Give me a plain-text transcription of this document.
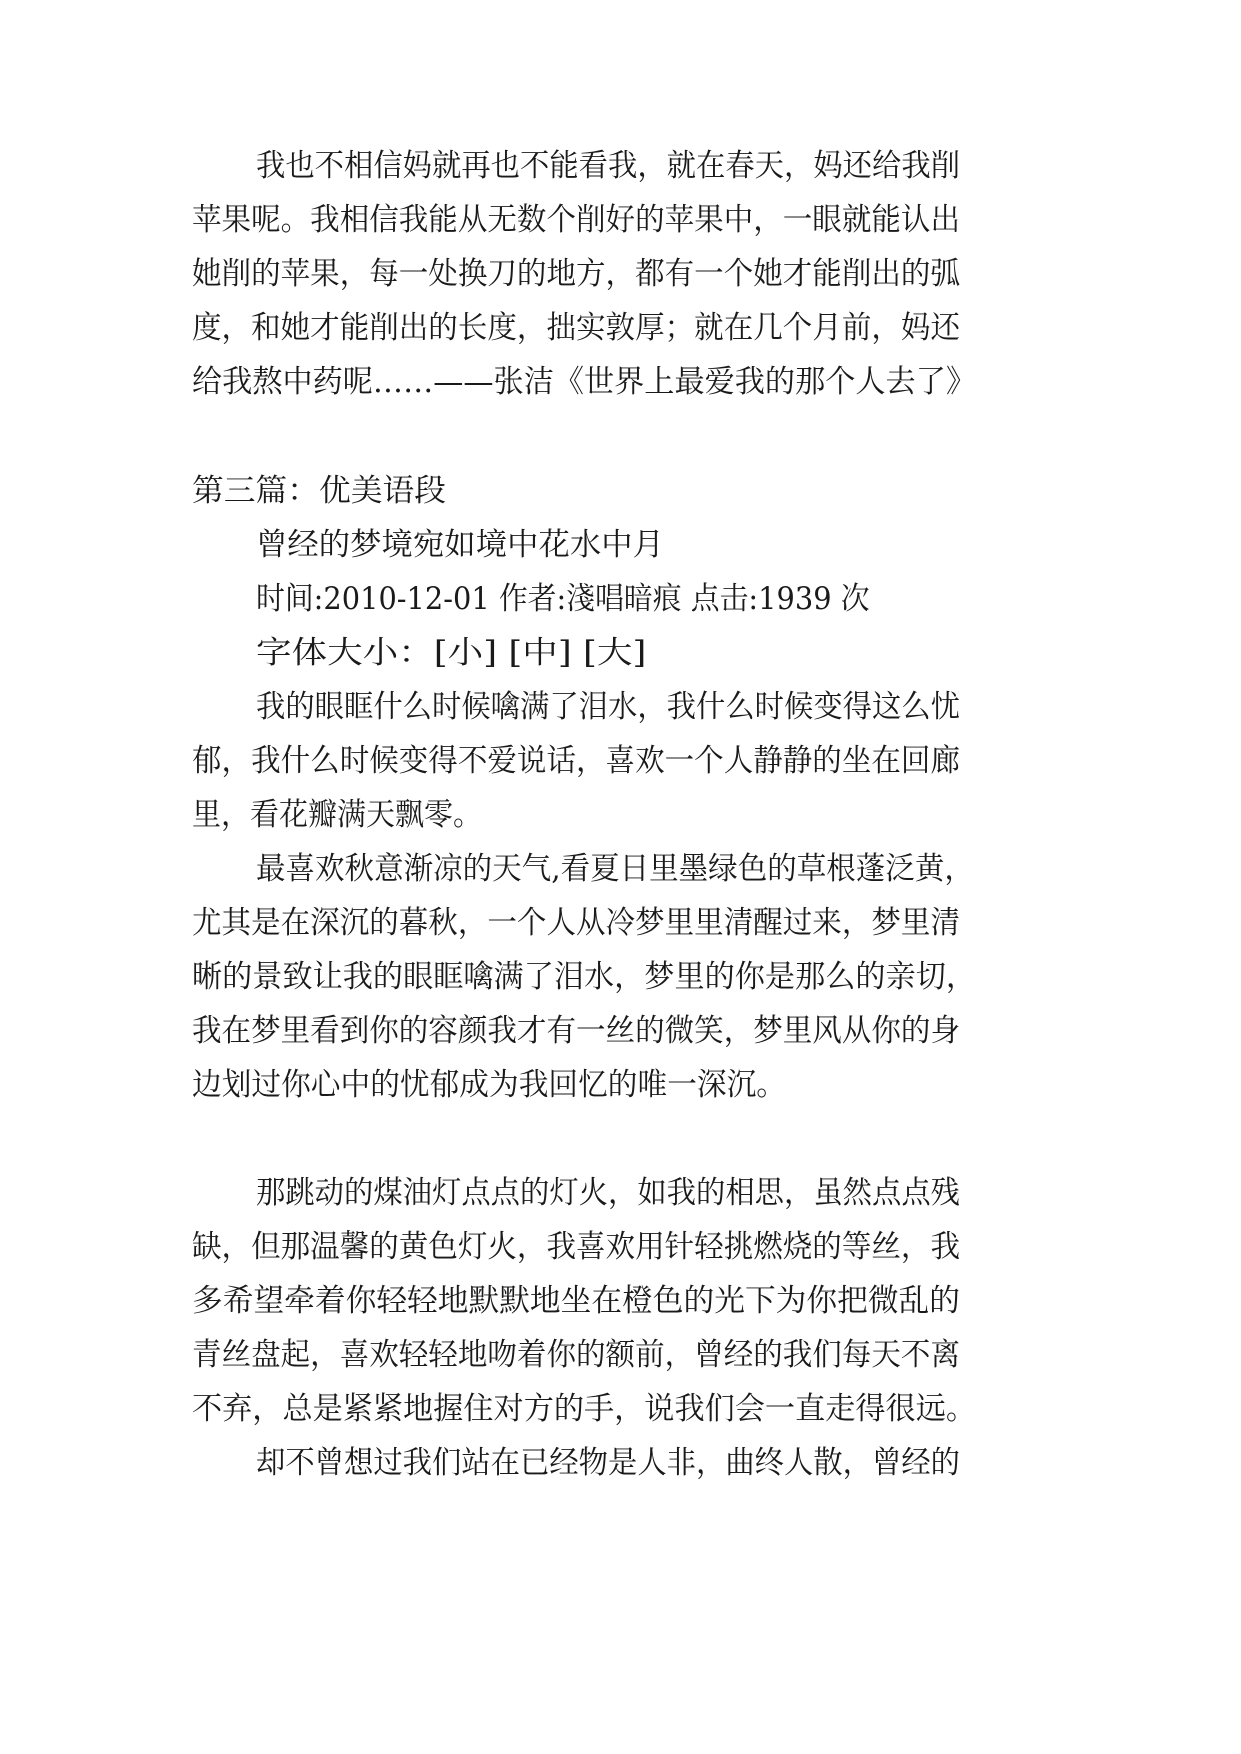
我也不相信妈就再也不能看我，就在春天，妈还给我削
苹果呢。我相信我能从无数个削好的苹果中，一眼就能认出
她削的苹果，每一处换刀的地方，都有一个她才能削出的弧
度，和她才能削出的长度，拙实敦厚；就在几个月前，妈还
给我熬中药呢……——张洁《世界上最爱我的那个人去了》
第三篇：优美语段
曾经的梦境宛如境中花水中月
时间:2010-12-01 作者:淺唱暗痕 点击:1939 次
字体大小：[小] [中] [大]
我的眼眶什么时候噙满了泪水，我什么时候变得这么忧
郁，我什么时候变得不爱说话，喜欢一个人静静的坐在回廊
里，看花瓣满天飘零。
最喜欢秋意渐凉的天气,看夏日里墨绿色的草根蓬泛黄，
尤其是在深沉的暮秋，一个人从冷梦里里清醒过来，梦里清
晰的景致让我的眼眶噙满了泪水，梦里的你是那么的亲切，
我在梦里看到你的容颜我才有一丝的微笑，梦里风从你的身
边划过你心中的忧郁成为我回忆的唯一深沉。
那跳动的煤油灯点点的灯火，如我的相思，虽然点点残
缺，但那温馨的黄色灯火，我喜欢用针轻挑燃烧的等丝，我
多希望牵着你轻轻地默默地坐在橙色的光下为你把微乱的
青丝盘起，喜欢轻轻地吻着你的额前，曾经的我们每天不离
不弃，总是紧紧地握住对方的手，说我们会一直走得很远。
却不曾想过我们站在已经物是人非，曲终人散，曾经的
